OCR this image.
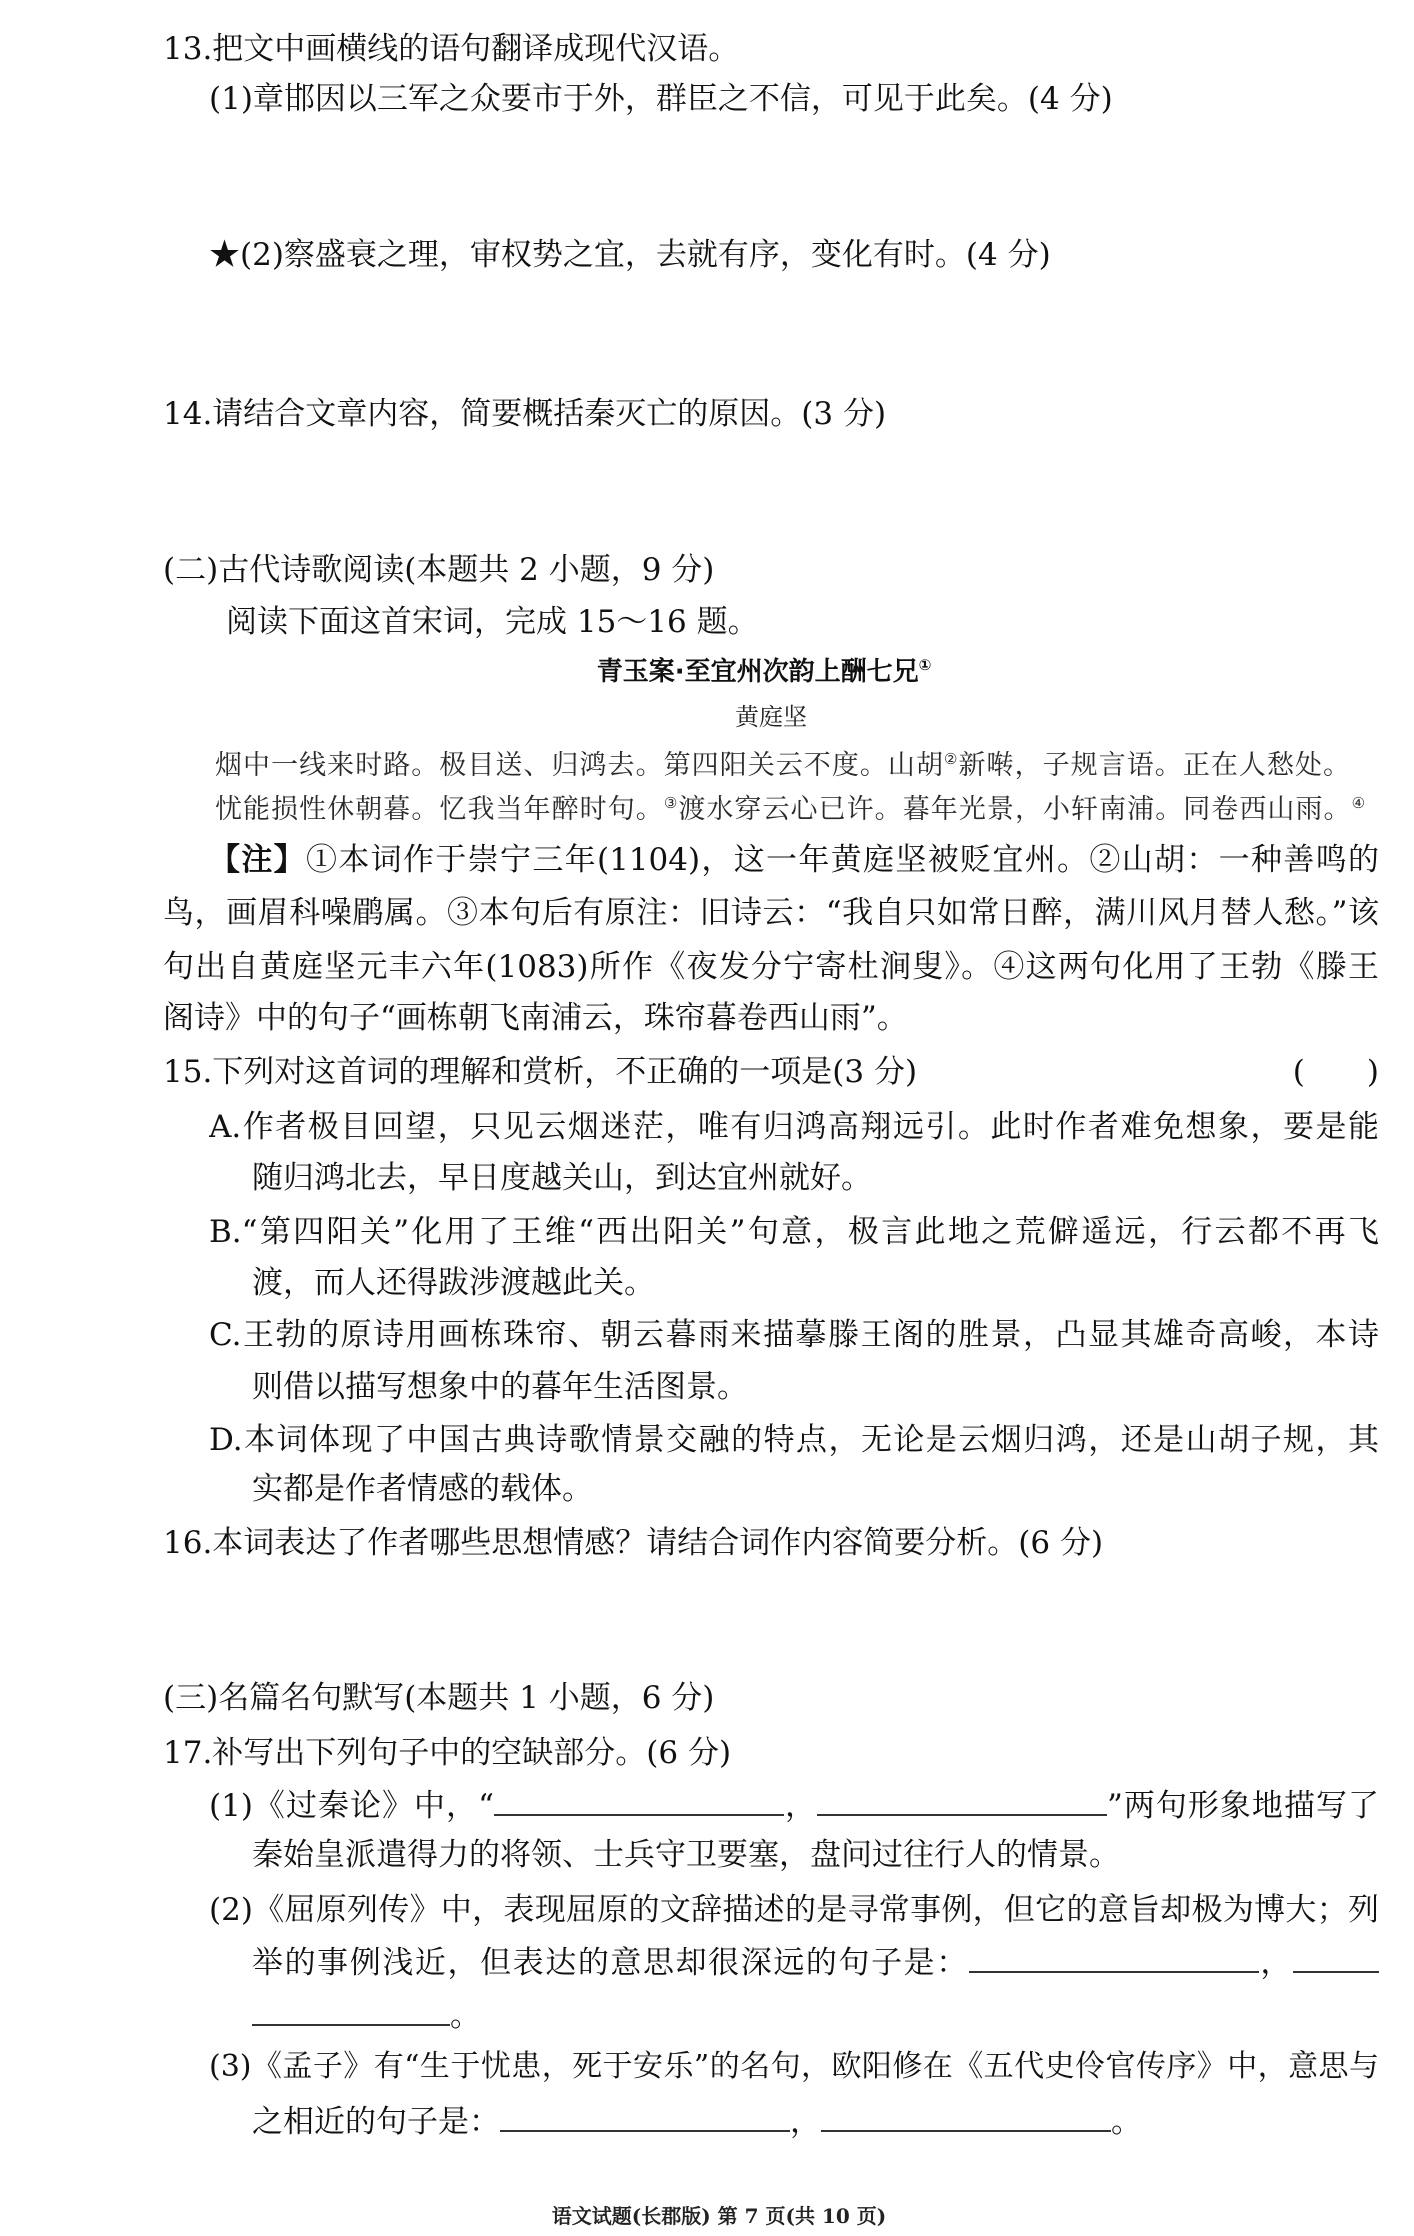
13.把文中画横线的语句翻译成现代汉语。
(1)章邯因以三军之众要市于外，群臣之不信，可见于此矣。(4 分)
★(2)察盛衰之理，审权势之宜，去就有序，变化有时。(4 分)
14.请结合文章内容，简要概括秦灭亡的原因。(3 分)
(二)古代诗歌阅读(本题共 2 小题，9 分)
阅读下面这首宋词，完成 15～16 题。
青玉案·至宜州次韵上酬七兄①
黄庭坚
烟中一线来时路。极目送、归鸿去。第四阳关云不度。山胡②新啭，子规言语。正在人愁处。
忧能损性休朝暮。忆我当年醉时句。③渡水穿云心已许。暮年光景，小轩南浦。同卷西山雨。④
【注】①本词作于崇宁三年(1104)，这一年黄庭坚被贬宜州。②山胡：一种善鸣的
鸟，画眉科噪鹛属。③本句后有原注：旧诗云：“我自只如常日醉，满川风月替人愁。”该
句出自黄庭坚元丰六年(1083)所作《夜发分宁寄杜涧叟》。④这两句化用了王勃《滕王
阁诗》中的句子“画栋朝飞南浦云，珠帘暮卷西山雨”。
15.下列对这首词的理解和赏析，不正确的一项是(3 分)	(　　)
A.作者极目回望，只见云烟迷茫，唯有归鸿高翔远引。此时作者难免想象，要是能
随归鸿北去，早日度越关山，到达宜州就好。
B.“第四阳关”化用了王维“西出阳关”句意，极言此地之荒僻遥远，行云都不再飞
渡，而人还得跋涉渡越此关。
C.王勃的原诗用画栋珠帘、朝云暮雨来描摹滕王阁的胜景，凸显其雄奇高峻，本诗
则借以描写想象中的暮年生活图景。
D.本词体现了中国古典诗歌情景交融的特点，无论是云烟归鸿，还是山胡子规，其
实都是作者情感的载体。
16.本词表达了作者哪些思想情感？请结合词作内容简要分析。(6 分)
(三)名篇名句默写(本题共 1 小题，6 分)
17.补写出下列句子中的空缺部分。(6 分)
(1)《过秦论》中，“	，	”两句形象地描写了
秦始皇派遣得力的将领、士兵守卫要塞，盘问过往行人的情景。
(2)《屈原列传》中，表现屈原的文辞描述的是寻常事例，但它的意旨却极为博大；列
举的事例浅近，但表达的意思却很深远的句子是：	，
。
(3)《孟子》有“生于忧患，死于安乐”的名句，欧阳修在《五代史伶官传序》中，意思与
之相近的句子是：	，	。
语文试题(长郡版) 第 7 页(共 10 页)
